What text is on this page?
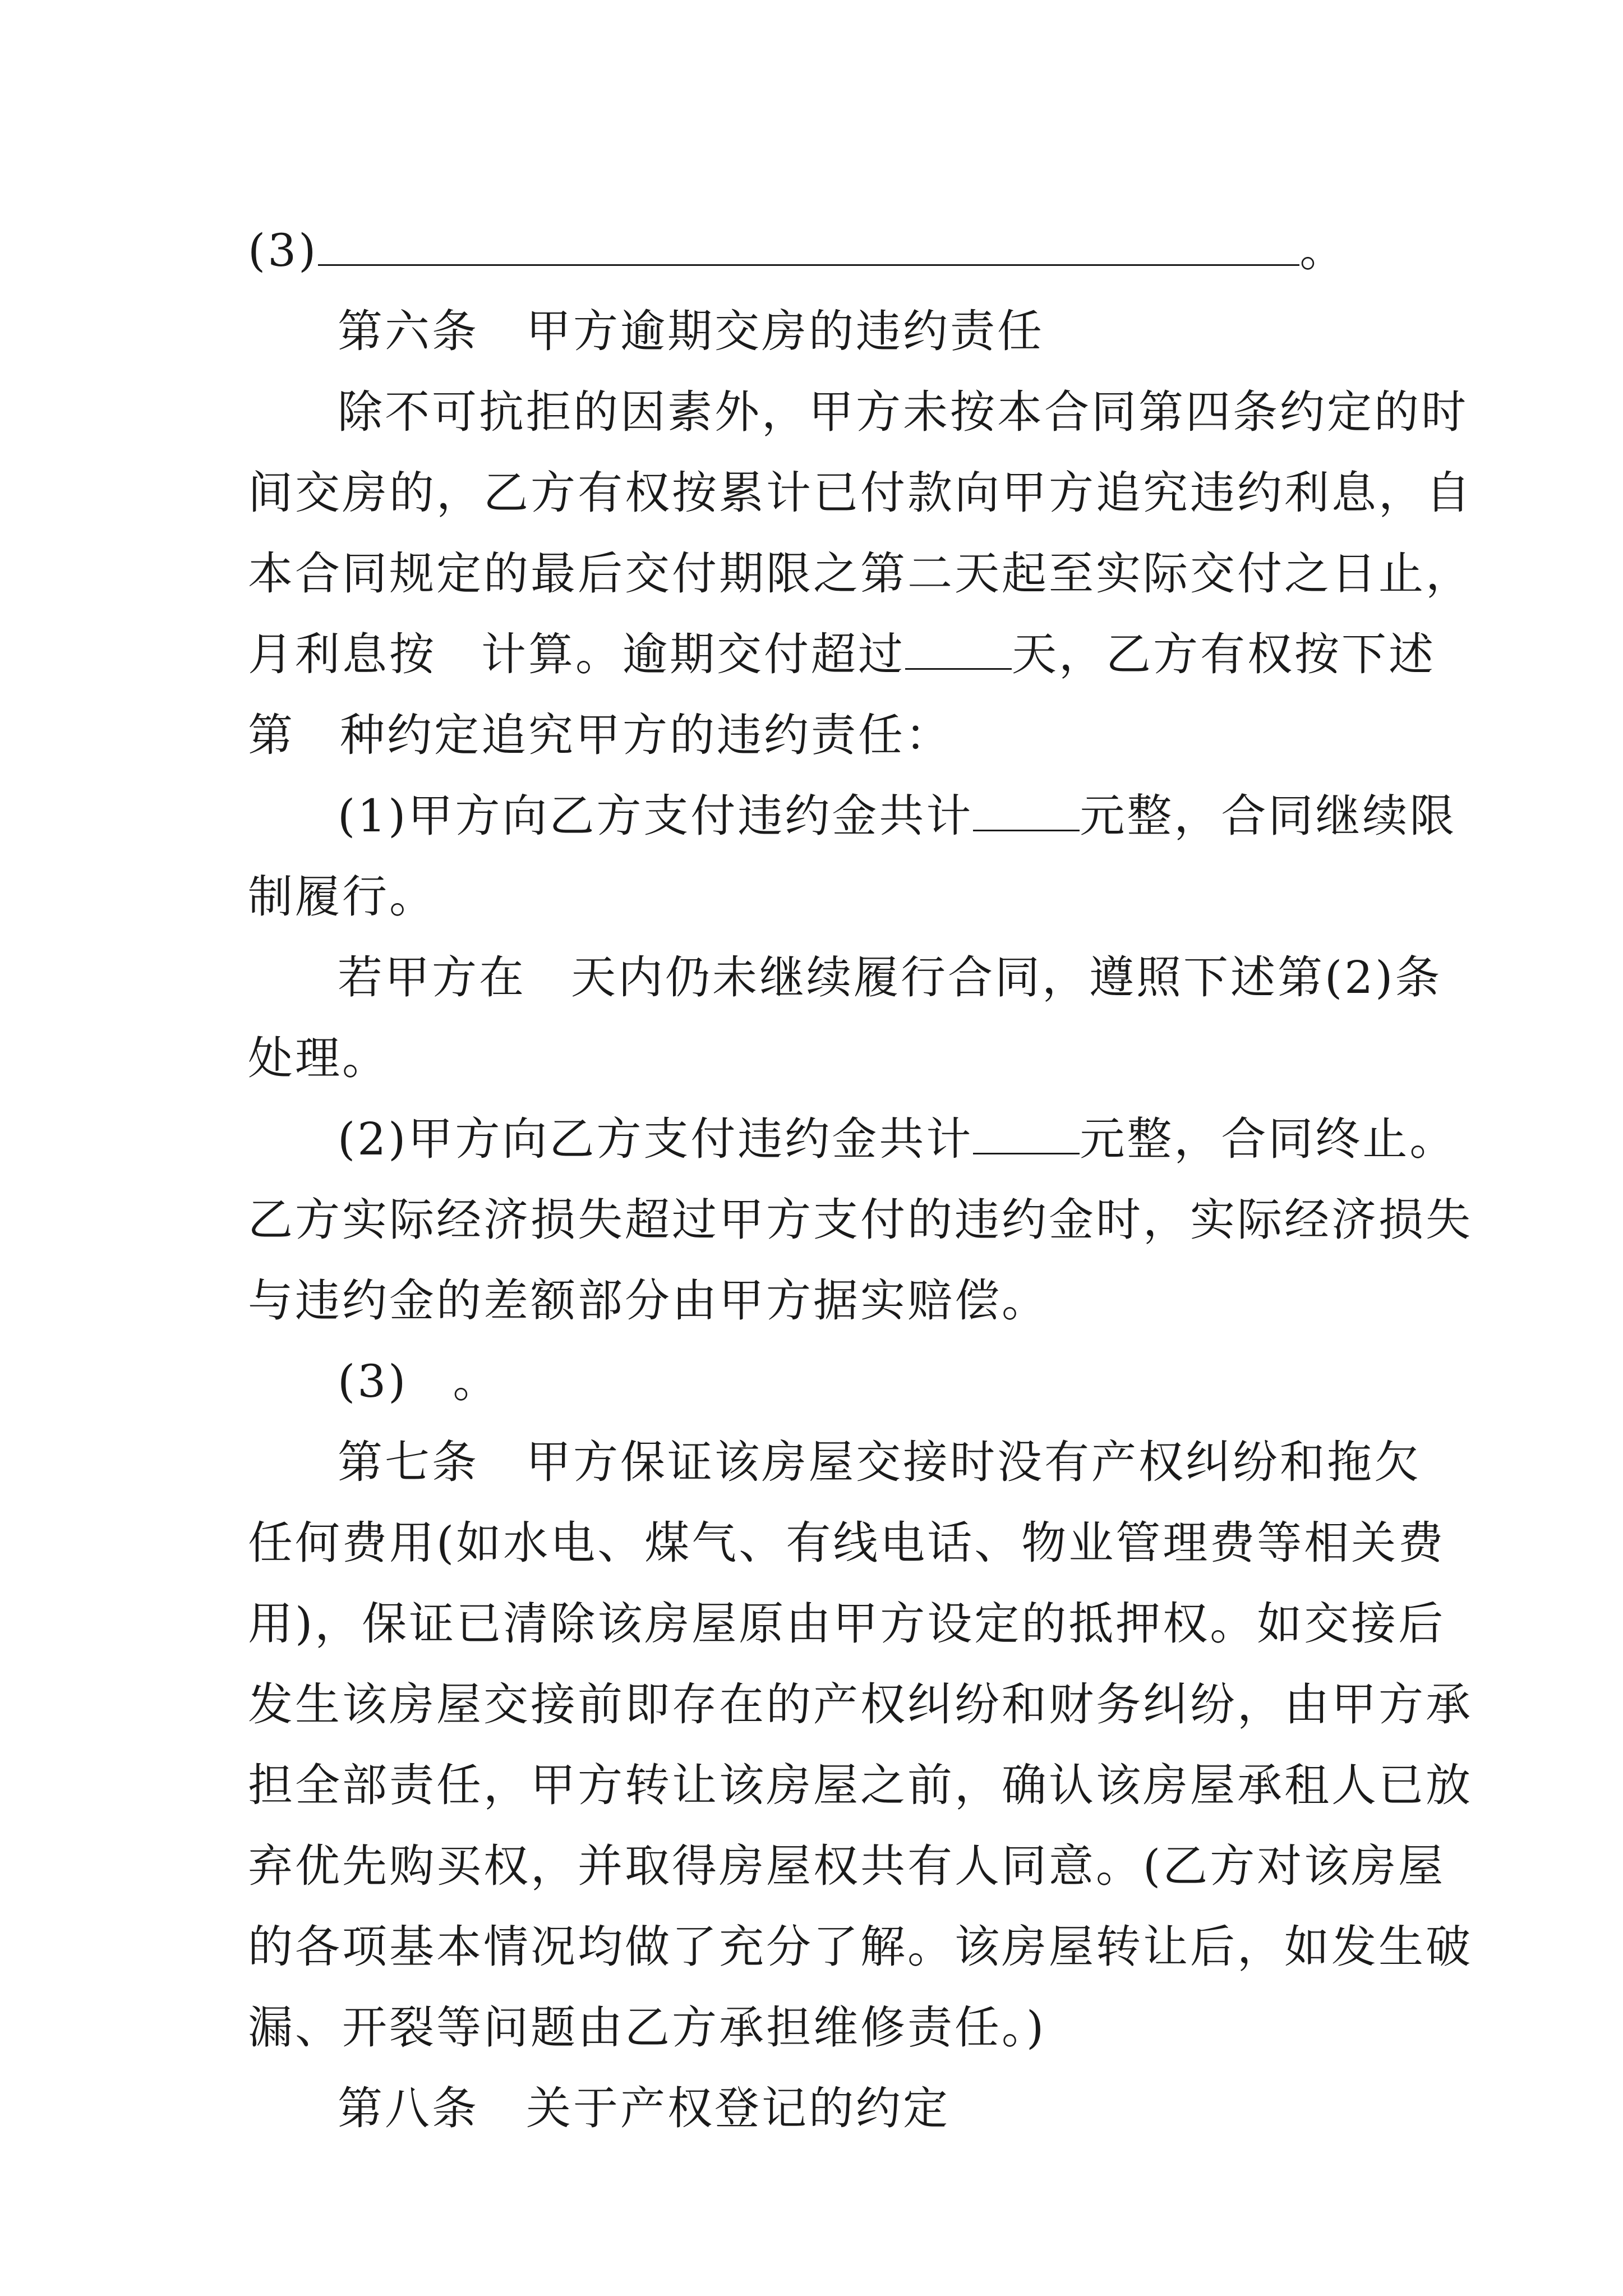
(3)	。

第六条　甲方逾期交房的违约责任

除不可抗拒的因素外，甲方未按本合同第四条约定的时

间交房的，乙方有权按累计已付款向甲方追究违约利息，自

本合同规定的最后交付期限之第二天起至实际交付之日止，

月利息按 计算。逾期交付超过 天，乙方有权按下述

第 种约定追究甲方的违约责任：

(1)甲方向乙方支付违约金共计 元整，合同继续限

制履行。

若甲方在 天内仍未继续履行合同，遵照下述第(2)条

处理。

(2)甲方向乙方支付违约金共计 元整，合同终止。

乙方实际经济损失超过甲方支付的违约金时，实际经济损失

与违约金的差额部分由甲方据实赔偿。

(3) 。

第七条　甲方保证该房屋交接时没有产权纠纷和拖欠

任何费用(如水电、煤气、有线电话、物业管理费等相关费

用)，保证已清除该房屋原由甲方设定的抵押权。如交接后

发生该房屋交接前即存在的产权纠纷和财务纠纷，由甲方承

担全部责任，甲方转让该房屋之前，确认该房屋承租人已放

弃优先购买权，并取得房屋权共有人同意。(乙方对该房屋

的各项基本情况均做了充分了解。该房屋转让后，如发生破

漏、开裂等问题由乙方承担维修责任。)

第八条　关于产权登记的约定
